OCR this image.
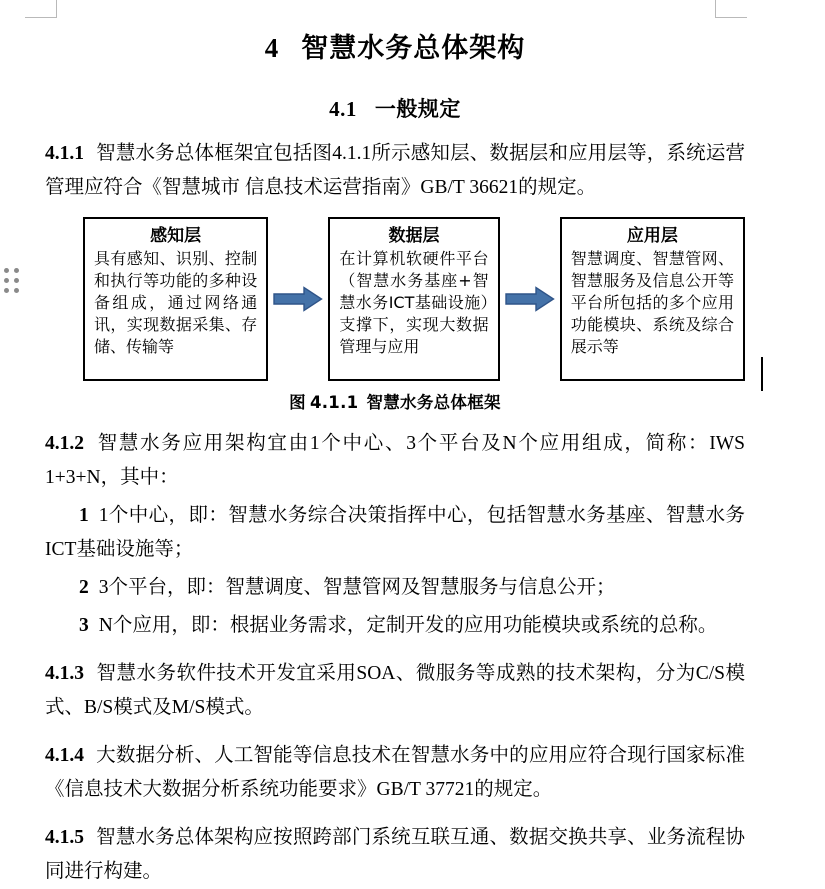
4 智慧水务总体架构
4.1 一般规定

4.1.1 智慧水务总体框架宜包括图4.1.1所示感知层、数据层和应用层等，系统运营管理应符合《智慧城市 信息技术运营指南》GB/T 36621的规定。

感知层
具有感知、识别、控制和执行等功能的多种设备组成，通过网络通讯，实现数据采集、存储、传输等
数据层
在计算机软硬件平台（智慧水务基座+智慧水务ICT基础设施）支撑下，实现大数据管理与应用
应用层
智慧调度、智慧管网、智慧服务及信息公开等平台所包括的多个应用功能模块、系统及综合展示等
图 4.1.1 智慧水务总体框架

4.1.2 智慧水务应用架构宜由1个中心、3个平台及N个应用组成，简称：IWS 1+3+N，其中：

1 1个中心，即：智慧水务综合决策指挥中心，包括智慧水务基座、智慧水务ICT基础设施等；

2 3个平台，即：智慧调度、智慧管网及智慧服务与信息公开；

3 N个应用，即：根据业务需求，定制开发的应用功能模块或系统的总称。

4.1.3 智慧水务软件技术开发宜采用SOA、微服务等成熟的技术架构，分为C/S模式、B/S模式及M/S模式。

4.1.4 大数据分析、人工智能等信息技术在智慧水务中的应用应符合现行国家标准《信息技术大数据分析系统功能要求》GB/T 37721的规定。

4.1.5 智慧水务总体架构应按照跨部门系统互联互通、数据交换共享、业务流程协同进行构建。
